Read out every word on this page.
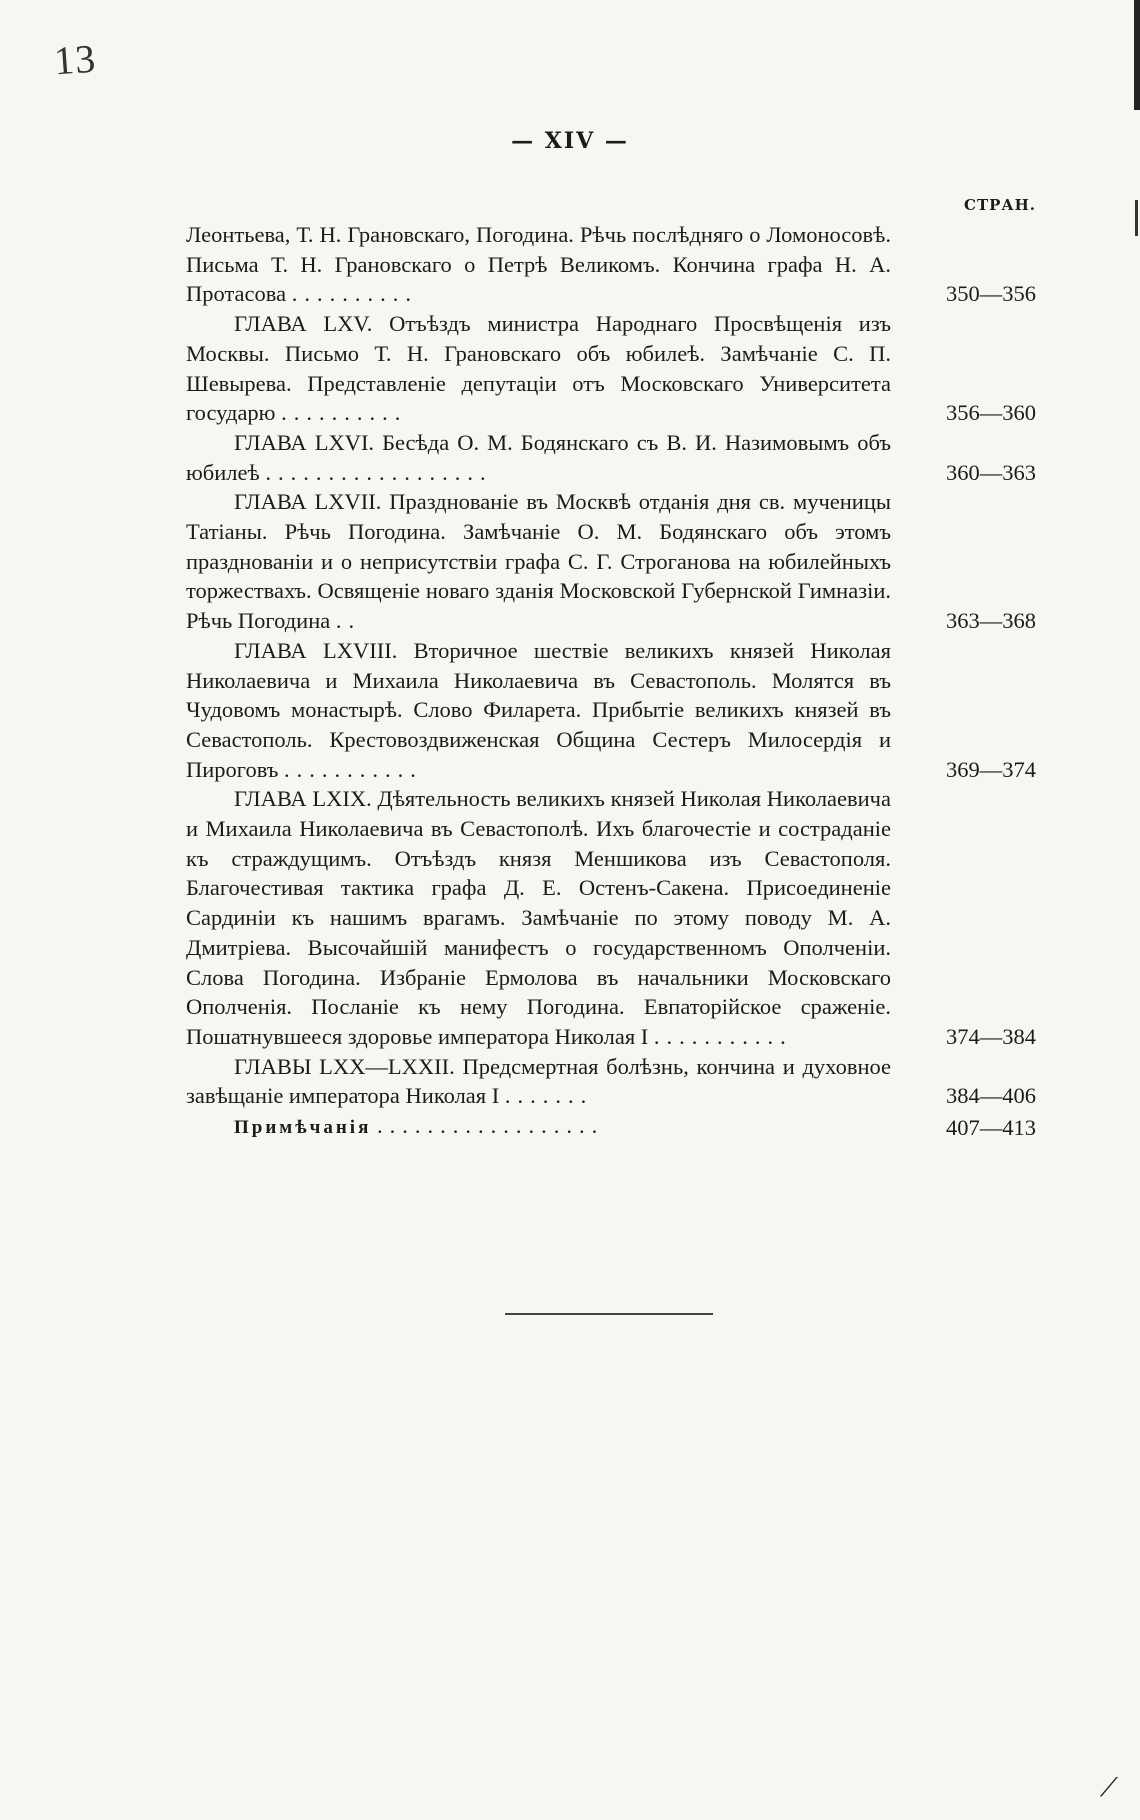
13
⟋
— XIV —
СТРАН.
Леонтьева, Т. Н. Грановскаго, Погодина. Рѣчь послѣдняго о Ломоносовѣ. Письма Т. Н. Грановскаго о Петрѣ Великомъ. Кончина графа Н. А. Протасова ..........	350—356
ГЛАВА LXV. Отъѣздъ министра Народнаго Просвѣщенія изъ Москвы. Письмо Т. Н. Грановскаго объ юбилеѣ. Замѣчаніе С. П. Шевырева. Представленіе депутаціи отъ Московскаго Университета государю ..........	356—360
ГЛАВА LXVI. Бесѣда О. М. Бодянскаго съ В. И. Назимовымъ объ юбилеѣ ..................	360—363
ГЛАВА LXVII. Празднованіе въ Москвѣ отданія дня св. мученицы Татіаны. Рѣчь Погодина. Замѣчаніе О. М. Бодянскаго объ этомъ празднованіи и о неприсутствіи графа С. Г. Строганова на юбилейныхъ торжествахъ. Освященіе новаго зданія Московской Губернской Гимназіи. Рѣчь Погодина ..	363—368
ГЛАВА LXVIII. Вторичное шествіе великихъ князей Николая Николаевича и Михаила Николаевича въ Севастополь. Молятся въ Чудовомъ монастырѣ. Слово Филарета. Прибытіе великихъ князей въ Севастополь. Крестовоздвиженская Община Сестеръ Милосердія и Пироговъ ...........	369—374
ГЛАВА LXIX. Дѣятельность великихъ князей Николая Николаевича и Михаила Николаевича въ Севастополѣ. Ихъ благочестіе и состраданіе къ страждущимъ. Отъѣздъ князя Меншикова изъ Севастополя. Благочестивая тактика графа Д. Е. Остенъ-Сакена. Присоединеніе Сардиніи къ нашимъ врагамъ. Замѣчаніе по этому поводу М. А. Дмитріева. Высочайшій манифестъ о государственномъ Ополченіи. Слова Погодина. Избраніе Ермолова въ начальники Московскаго Ополченія. Посланіе къ нему Погодина. Евпаторійское сраженіе. Пошатнувшееся здоровье императора Николая I ...........	374—384
ГЛАВЫ LXX—LXXII. Предсмертная болѣзнь, кончина и духовное завѣщаніе императора Николая I .......	384—406
Примѣчанія ..................	407—413
